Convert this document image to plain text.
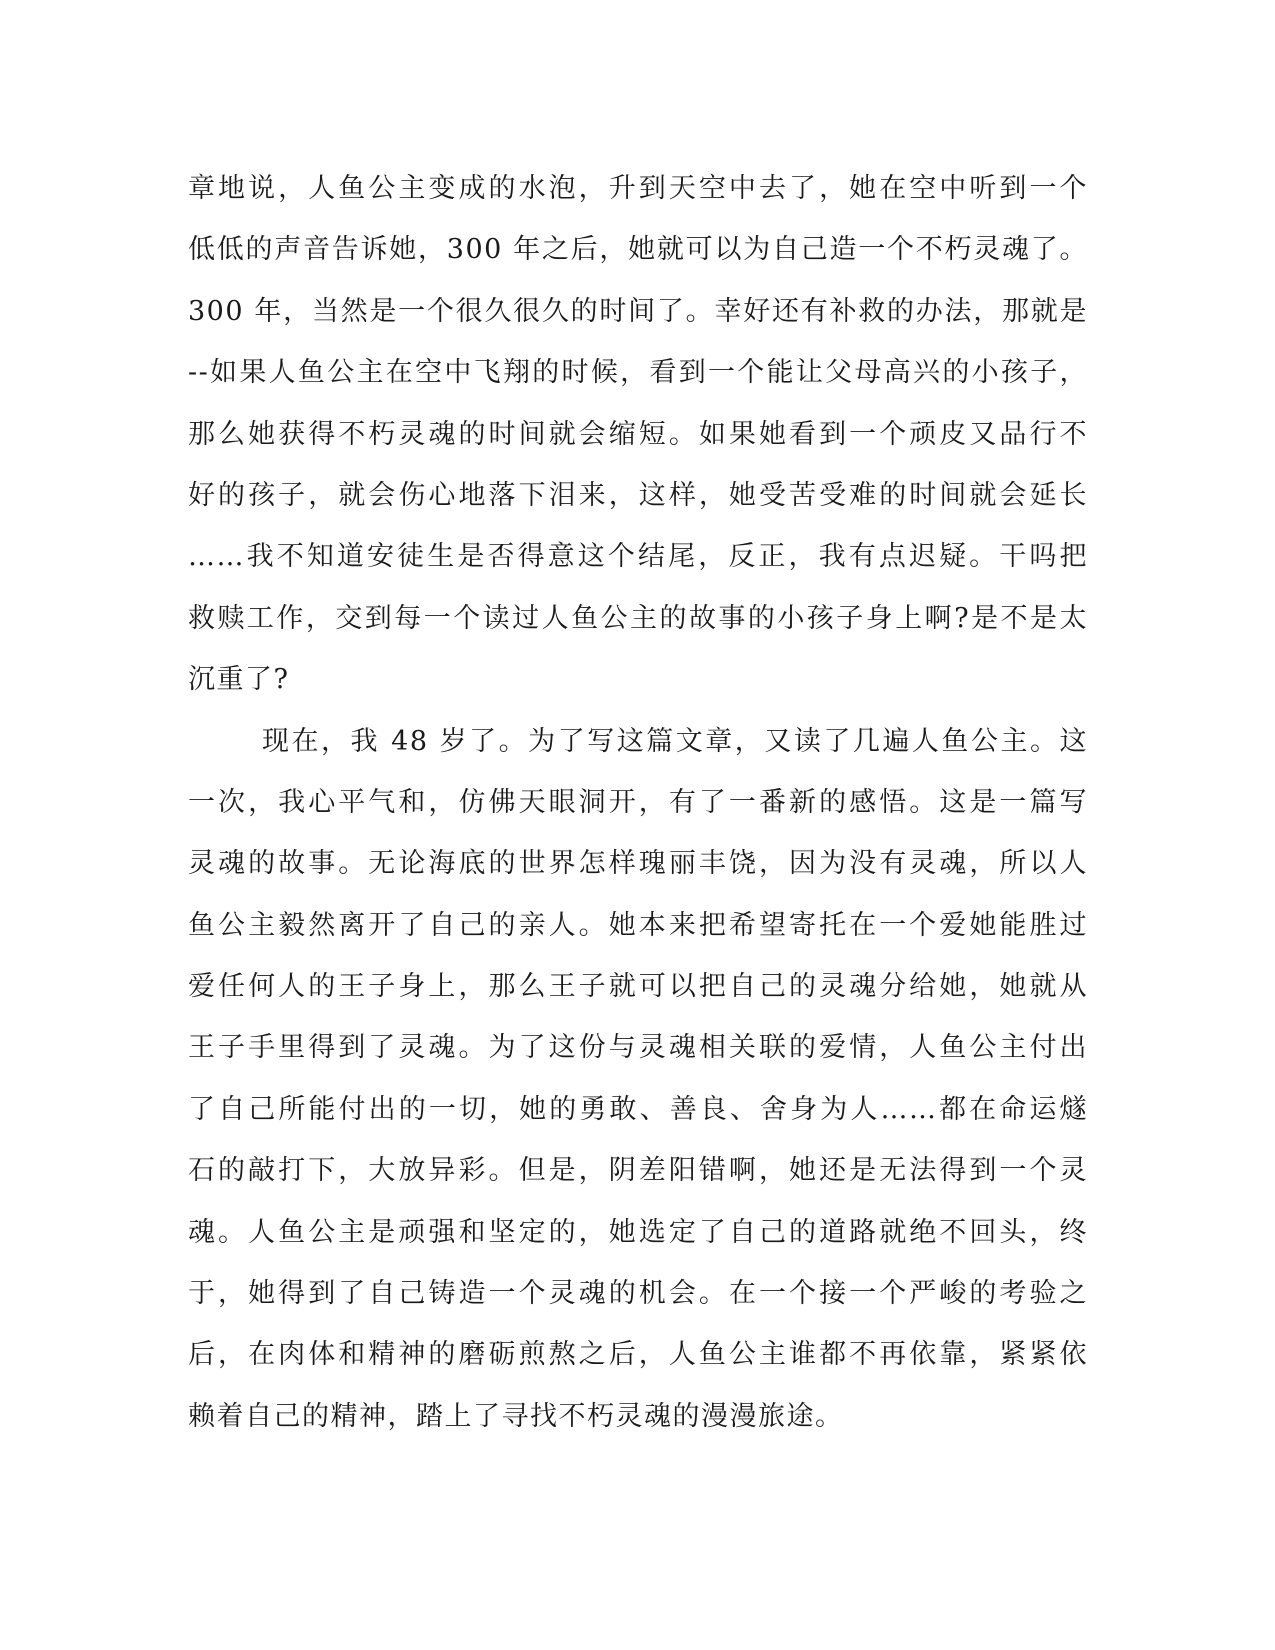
章地说，人鱼公主变成的水泡，升到天空中去了，她在空中听到一个
低低的声音告诉她，300 年之后，她就可以为自己造一个不朽灵魂了。
300 年，当然是一个很久很久的时间了。幸好还有补救的办法，那就是
--如果人鱼公主在空中飞翔的时候，看到一个能让父母高兴的小孩子，
那么她获得不朽灵魂的时间就会缩短。如果她看到一个顽皮又品行不
好的孩子，就会伤心地落下泪来，这样，她受苦受难的时间就会延长
……我不知道安徒生是否得意这个结尾，反正，我有点迟疑。干吗把
救赎工作，交到每一个读过人鱼公主的故事的小孩子身上啊?是不是太
沉重了?
现在，我 48 岁了。为了写这篇文章，又读了几遍人鱼公主。这
一次，我心平气和，仿佛天眼洞开，有了一番新的感悟。这是一篇写
灵魂的故事。无论海底的世界怎样瑰丽丰饶，因为没有灵魂，所以人
鱼公主毅然离开了自己的亲人。她本来把希望寄托在一个爱她能胜过
爱任何人的王子身上，那么王子就可以把自己的灵魂分给她，她就从
王子手里得到了灵魂。为了这份与灵魂相关联的爱情，人鱼公主付出
了自己所能付出的一切，她的勇敢、善良、舍身为人……都在命运燧
石的敲打下，大放异彩。但是，阴差阳错啊，她还是无法得到一个灵
魂。人鱼公主是顽强和坚定的，她选定了自己的道路就绝不回头，终
于，她得到了自己铸造一个灵魂的机会。在一个接一个严峻的考验之
后，在肉体和精神的磨砺煎熬之后，人鱼公主谁都不再依靠，紧紧依
赖着自己的精神，踏上了寻找不朽灵魂的漫漫旅途。
